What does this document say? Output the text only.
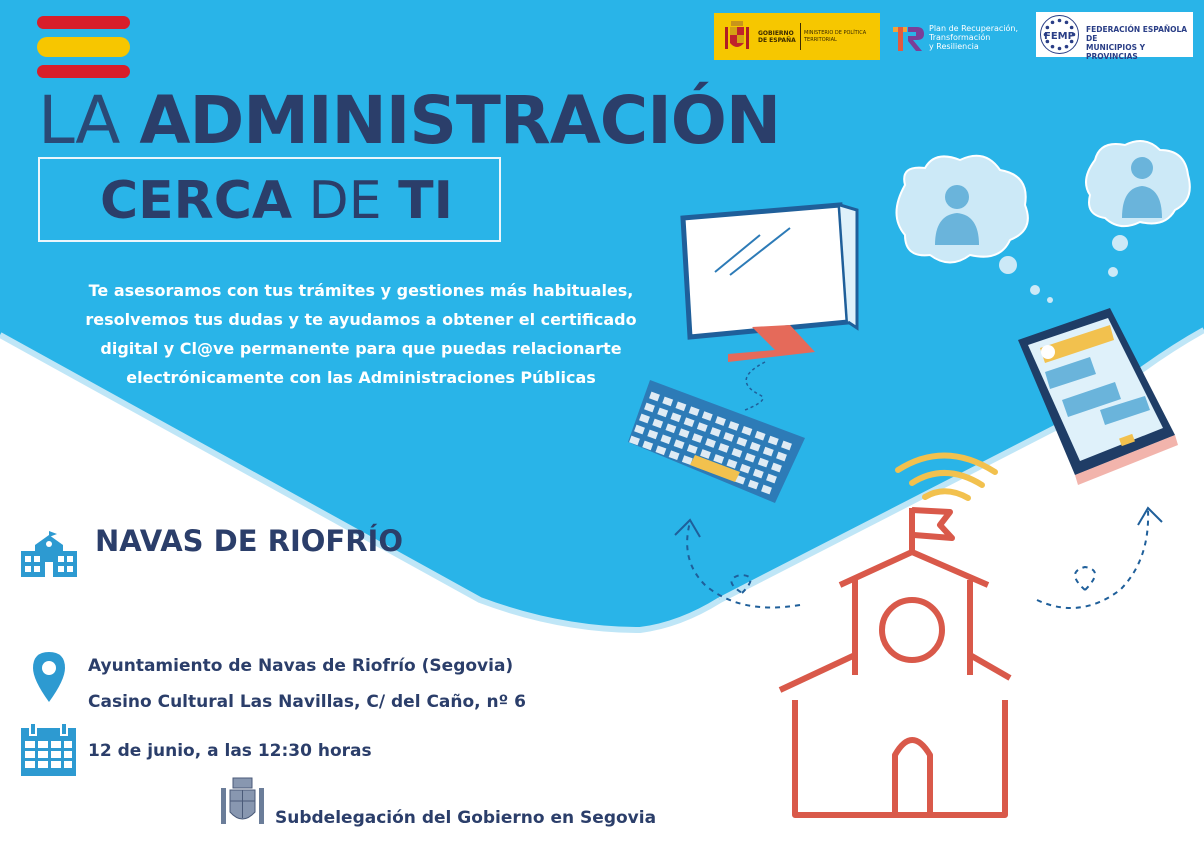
LA ADMINISTRACIÓN
CERCA DE TI
Te asesoramos con tus trámites y gestiones más habituales,
resolvemos tus dudas y te ayudamos a obtener el certificado
digital y Cl@ve permanente para que puedas relacionarte
electrónicamente con las Administraciones Públicas
GOBIERNO DE ESPAÑA
MINISTERIO DE POLÍTICA TERRITORIAL
Plan de Recuperación,
Transformación
y Resiliencia
FEMP
FEDERACIÓN ESPAÑOLA DE
MUNICIPIOS Y PROVINCIAS
NAVAS DE RIOFRÍO
Ayuntamiento de Navas de Riofrío (Segovia)
Casino Cultural Las Navillas, C/ del Caño, nº 6
12 de junio, a las 12:30 horas
Subdelegación del Gobierno en Segovia
